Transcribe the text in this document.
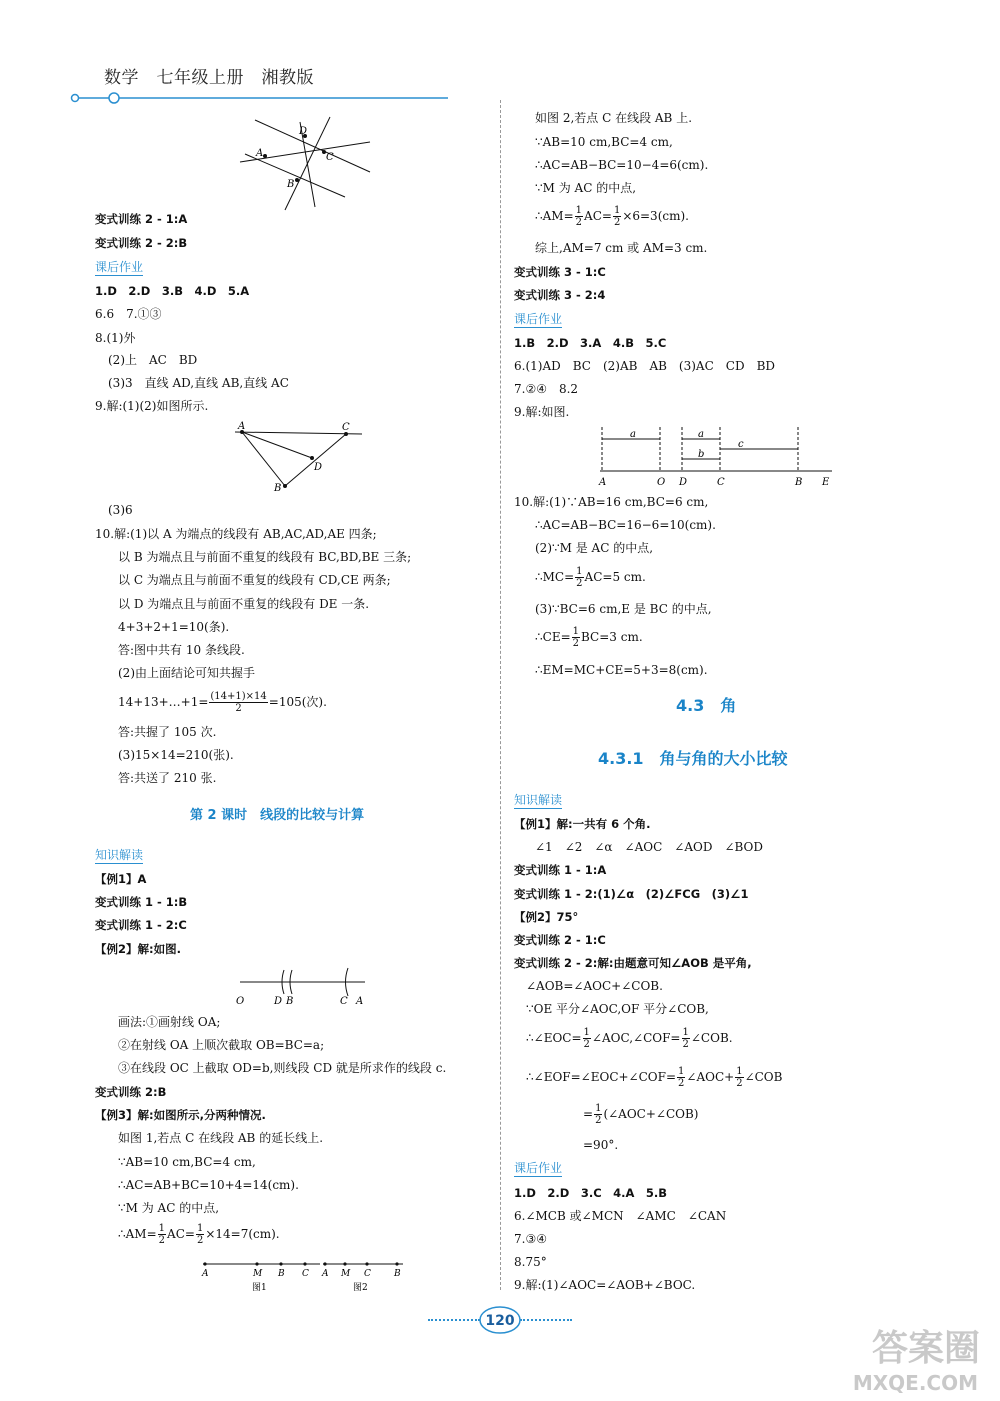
数学　七年级上册　湘教版
D
A	C
B
变式训练 2 - 1:A
变式训练 2 - 2:B
课后作业
1.D　2.D　3.B　4.D　5.A
6.6　7.①③
8.(1)外
(2)上　AC　BD
(3)3　直线 AD,直线 AB,直线 AC
9.解:(1)(2)如图所示.
A	C
D
B
(3)6
10.解:(1)以 A 为端点的线段有 AB,AC,AD,AE 四条;
以 B 为端点且与前面不重复的线段有 BC,BD,BE 三条;
以 C 为端点且与前面不重复的线段有 CD,CE 两条;
以 D 为端点且与前面不重复的线段有 DE 一条.
4+3+2+1=10(条).
答:图中共有 10 条线段.
(2)由上面结论可知共握手
14+13+…+1= $\frac{(14+1)\times 14}{2} =105$(次).
答:共握了 105 次.
(3)15×14=210(张).
答:共送了 210 张.
第 2 课时　线段的比较与计算
知识解读
【例1】A
变式训练 1 - 1:B
变式训练 1 - 2:C
【例2】解:如图.
O	D B	C A
画法:①画射线 OA;
②在射线 OA 上顺次截取 OB=BC=a;
③在线段 OC 上截取 OD=b,则线段 CD 就是所求作的线段 c.
变式训练 2:B
【例3】解:如图所示,分两种情况.
如图 1,若点 C 在线段 AB 的延长线上.
∵AB=10 cm,BC=4 cm,
∴AC=AB+BC=10+4=14(cm).
∵M 为 AC 的中点,
∴AM= $\frac{1}{2} AC= \frac{1}{2} \times 14=7(cm)$.
A	M B C
图1
A M C	B
图2
如图 2,若点 C 在线段 AB 上.
∵AB=10 cm,BC=4 cm,
∴AC=AB−BC=10−4=6(cm).
∵M 为 AC 的中点,
∴AM= $\frac{1}{2} AC= \frac{1}{2} \times 6=3(cm)$.
综上,AM=7 cm 或 AM=3 cm.
变式训练 3 - 1:C
变式训练 3 - 2:4
课后作业
1.B　2.D　3.A　4.B　5.C
6.(1)AD　BC　(2)AB　AB　(3)AC　CD　BD
7.②④　8.2
9.解:如图.
a	a
b
c
A	O D	C	B E
10.解:(1)∵AB=16 cm,BC=6 cm,
∴AC=AB−BC=16−6=10(cm).
(2)∵M 是 AC 的中点,
∴MC= $\frac{1}{2} AC=5$ cm.
(3)∵BC=6 cm,E 是 BC 的中点,
∴CE= $\frac{1}{2} BC=3$ cm.
∴EM=MC+CE=5+3=8(cm).
4.3　角
4.3.1　角与角的大小比较
知识解读
【例1】解:一共有 6 个角.
∠1　∠2　∠α　∠AOC　∠AOD　∠BOD
变式训练 1 - 1:A
变式训练 1 - 2:(1)∠α　(2)∠FCG　(3)∠1
【例2】75°
变式训练 2 - 1:C
变式训练 2 - 2:解:由题意可知∠AOB 是平角,
∠AOB=∠AOC+∠COB.
∵OE 平分∠AOC,OF 平分∠COB,
∴∠EOC= $\frac{1}{2}$ ∠AOC,∠COF= $\frac{1}{2}$ ∠COB.
∴∠EOF=∠EOC+∠COF= $\frac{1}{2}$ ∠AOC+ $\frac{1}{2}$ ∠COB
= $\frac{1}{2}$ (∠AOC+∠COB)
=90°.
课后作业
1.D　2.D　3.C　4.A　5.B
6.∠MCB 或∠MCN　∠AMC　∠CAN
7.③④
8.75°
9.解:(1)∠AOC=∠AOB+∠BOC.
120
答案圈
MXQE.COM
